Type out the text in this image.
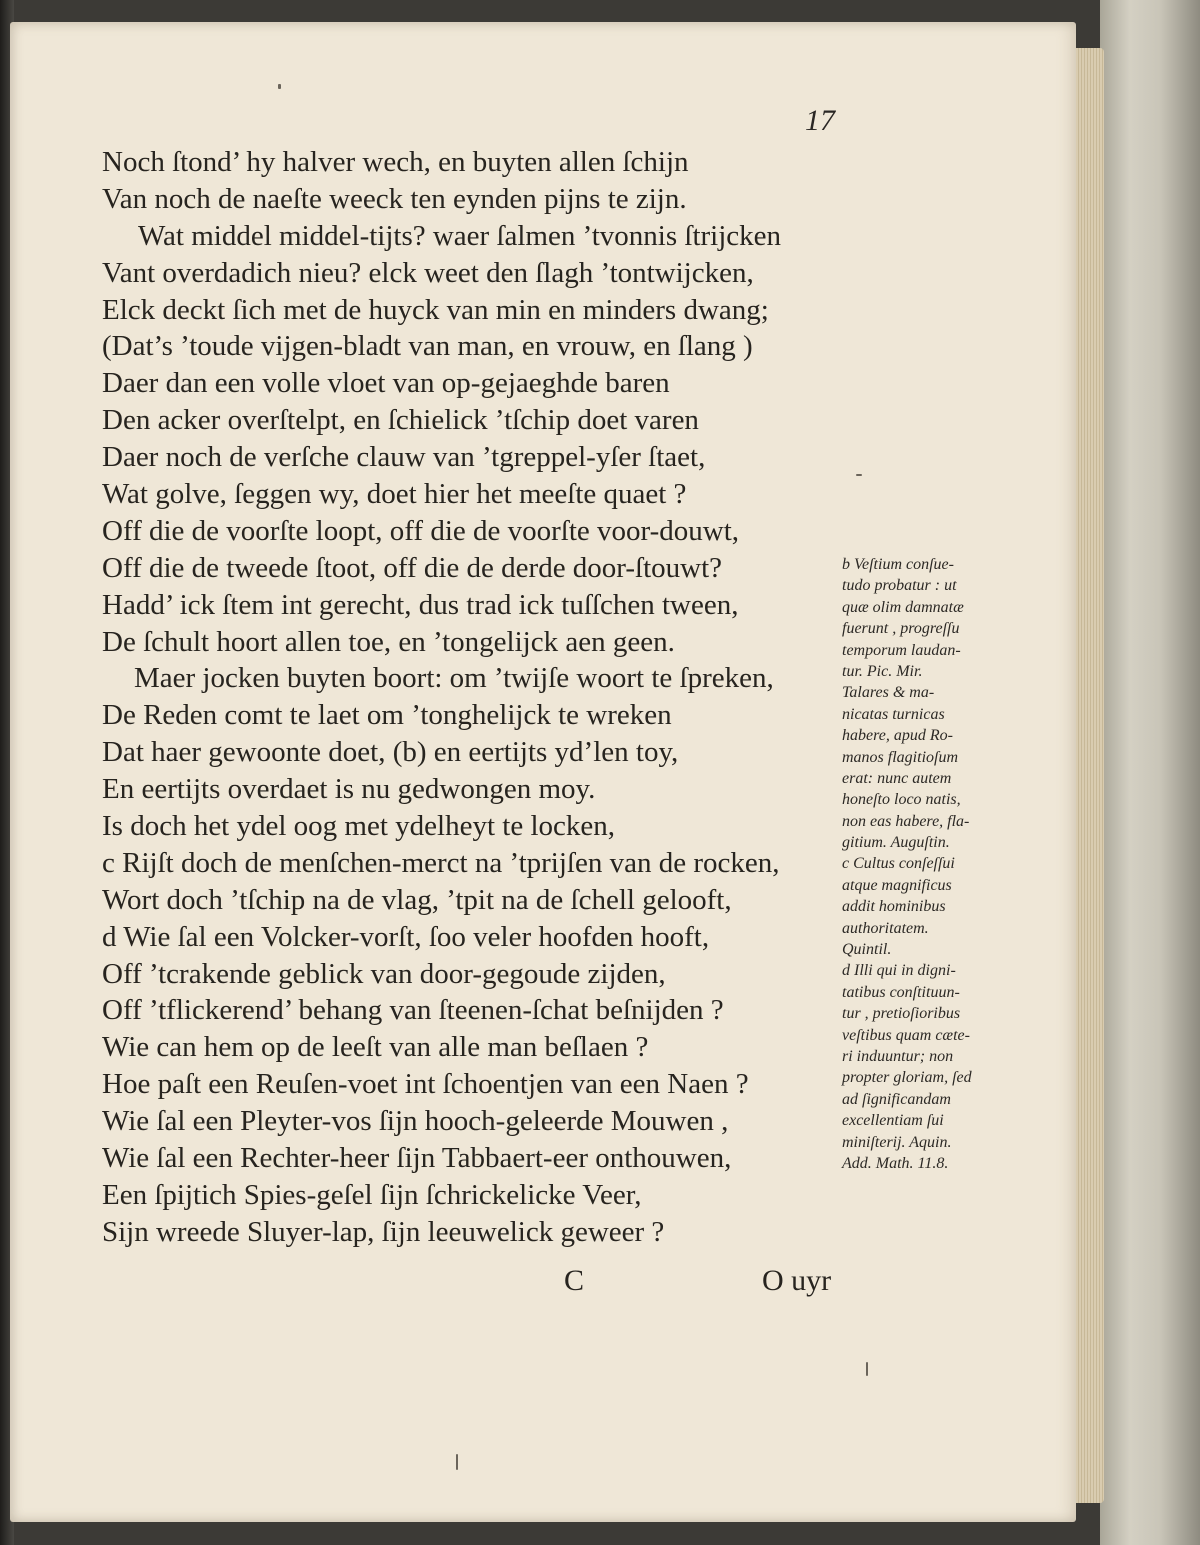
17
Noch ſtond’ hy halver wech, en buyten allen ſchijn
Van noch de naeſte weeck ten eynden pijns te zijn.
Wat middel middel-tijts? waer ſalmen ’tvonnis ſtrijcken
Vant overdadich nieu? elck weet den ſlagh ’tontwijcken,
Elck deckt ſich met de huyck van min en minders dwang;
(Dat’s ’toude vijgen-bladt van man, en vrouw, en ſlang )
Daer dan een volle vloet van op-gejaeghde baren
Den acker overſtelpt, en ſchielick ’tſchip doet varen
Daer noch de verſche clauw van ’tgreppel-yſer ſtaet,
Wat golve, ſeggen wy, doet hier het meeſte quaet ?
Off die de voorſte loopt, off die de voorſte voor-douwt,
Off die de tweede ſtoot, off die de derde door-ſtouwt?
Hadd’ ick ſtem int gerecht, dus trad ick tuſſchen tween,
De ſchult hoort allen toe, en ’tongelijck aen geen.
Maer jocken buyten boort: om ’twijſe woort te ſpreken,
De Reden comt te laet om ’tonghelijck te wreken
Dat haer gewoonte doet, (b) en eertijts yd’len toy,
En eertijts overdaet is nu gedwongen moy.
Is doch het ydel oog met ydelheyt te locken,
c Rijſt doch de menſchen-merct na ’tprijſen van de rocken,
Wort doch ’tſchip na de vlag, ’tpit na de ſchell gelooft,
d Wie ſal een Volcker-vorſt, ſoo veler hoofden hooft,
Off ’tcrakende geblick van door-gegoude zijden,
Off ’tflickerend’ behang van ſteenen-ſchat beſnijden ?
Wie can hem op de leeſt van alle man beſlaen ?
Hoe paſt een Reuſen-voet int ſchoentjen van een Naen ?
Wie ſal een Pleyter-vos ſijn hooch-geleerde Mouwen ,
Wie ſal een Rechter-heer ſijn Tabbaert-eer onthouwen,
Een ſpijtich Spies-geſel ſijn ſchrickelicke Veer,
Sijn wreede Sluyer-lap, ſijn leeuwelick geweer ?
b Veſtium conſue-
tudo probatur : ut
quæ olim damnatæ
fuerunt , progreſſu
temporum laudan-
tur. Pic. Mir.
Talares & ma-
nicatas turnicas
habere, apud Ro-
manos flagitioſum
erat: nunc autem
honeſto loco natis,
non eas habere, fla-
gitium. Auguſtin.
c Cultus conſeſſui
atque magnificus
addit hominibus
authoritatem.
Quintil.
d Illi qui in digni-
tatibus conſtituun-
tur , pretioſioribus
veſtibus quam cæte-
ri induuntur; non
propter gloriam, ſed
ad ſignificandam
excellentiam ſui
miniſterij. Aquin.
Add. Math. 11.8.
C	O uyr
